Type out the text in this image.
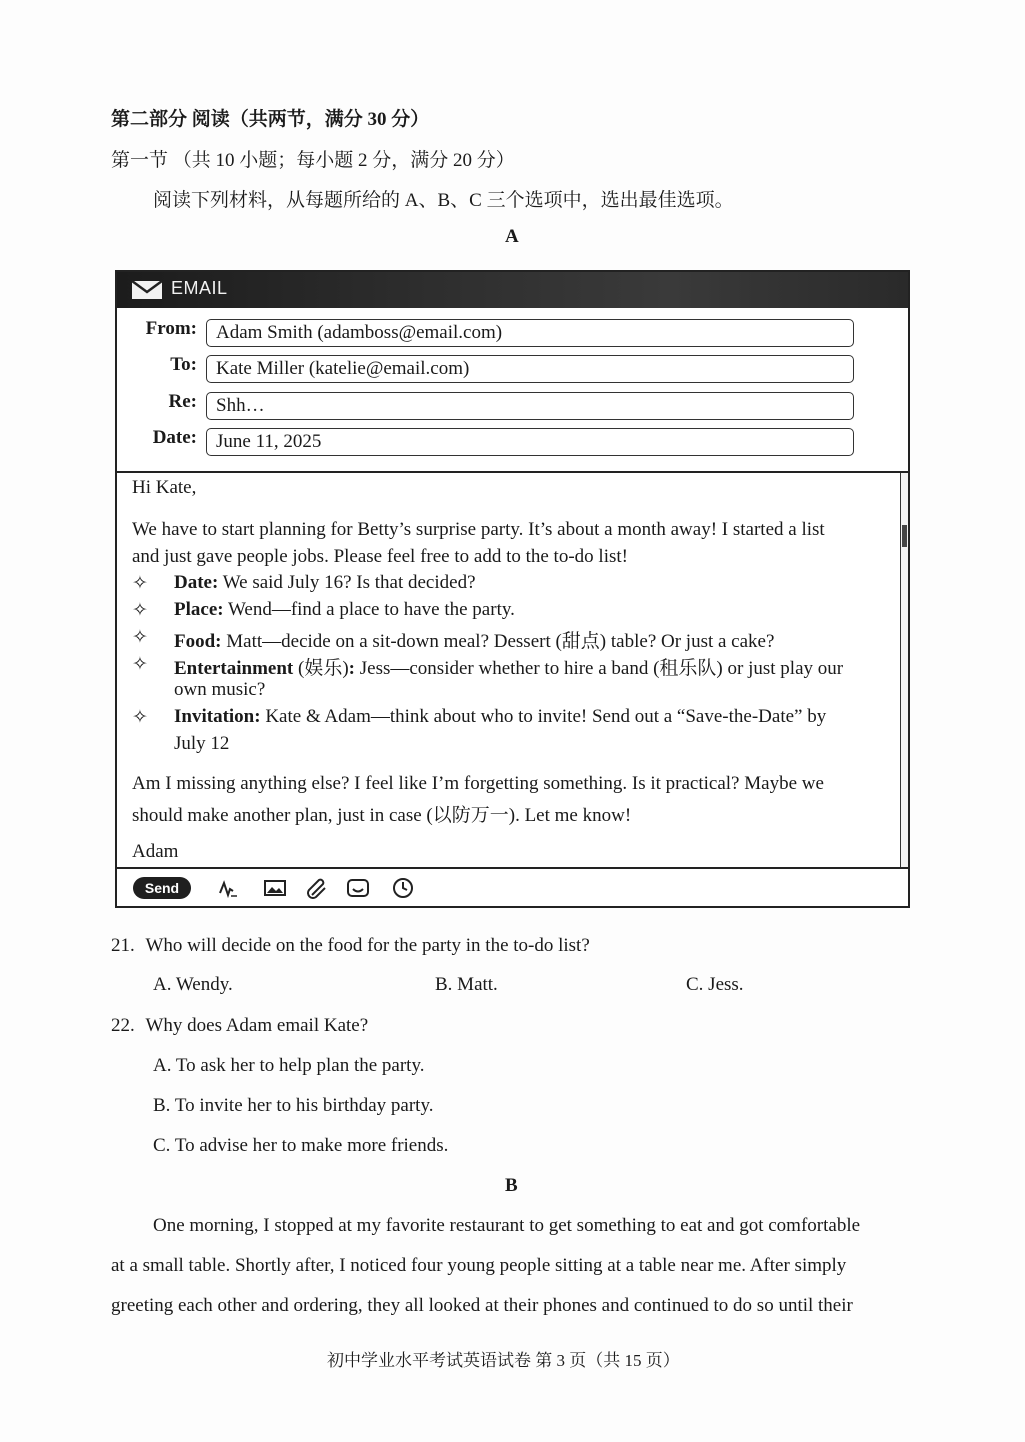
第二部分 阅读（共两节，满分 30 分）
第一节 （共 10 小题；每小题 2 分，满分 20 分）
阅读下列材料，从每题所给的 A、B、C 三个选项中，选出最佳选项。
A
EMAIL
From:	Adam Smith (adamboss@email.com)
To:	Kate Miller (katelie@email.com)
Re:	Shh…
Date:	June 11, 2025
Hi Kate,
We have to start planning for Betty’s surprise party. It’s about a month away! I started a list
and just gave people jobs. Please feel free to add to the to-do list!
✧ Date: We said July 16? Is that decided?
✧ Place: Wend—find a place to have the party.
✧ Food: Matt—decide on a sit-down meal? Dessert (甜点) table? Or just a cake?
✧ Entertainment (娱乐): Jess—consider whether to hire a band (租乐队) or just play our
own music?
✧ Invitation: Kate & Adam—think about who to invite! Send out a “Save-the-Date” by
July 12
Am I missing anything else? I feel like I’m forgetting something. Is it practical? Maybe we
should make another plan, just in case (以防万一). Let me know!
Adam
Send
21. Who will decide on the food for the party in the to-do list?
A. Wendy.	B. Matt.	C. Jess.
22. Why does Adam email Kate?
A. To ask her to help plan the party.
B. To invite her to his birthday party.
C. To advise her to make more friends.
B
One morning, I stopped at my favorite restaurant to get something to eat and got comfortable
at a small table. Shortly after, I noticed four young people sitting at a table near me. After simply
greeting each other and ordering, they all looked at their phones and continued to do so until their
初中学业水平考试英语试卷 第 3 页（共 15 页）
